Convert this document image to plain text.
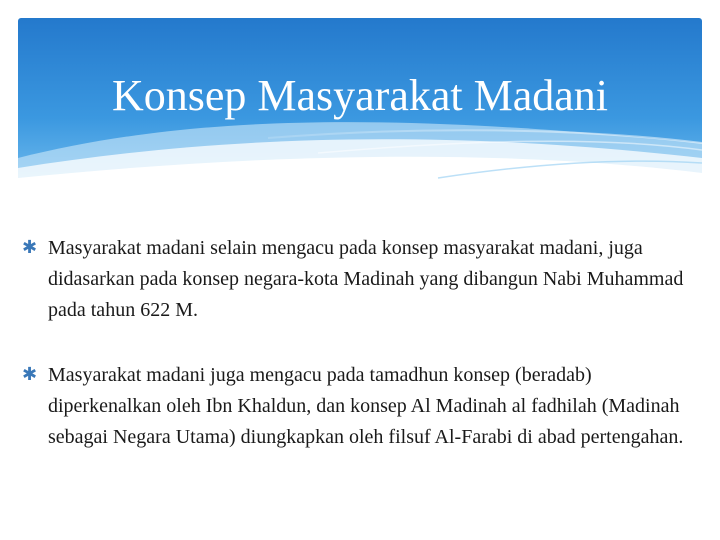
Konsep Masyarakat Madani

✱ Masyarakat madani selain mengacu pada konsep masyarakat madani, juga didasarkan pada konsep negara-kota Madinah yang dibangun Nabi Muhammad pada tahun 622 M.

✱ Masyarakat madani juga mengacu pada tamadhun konsep (beradab) diperkenalkan oleh Ibn Khaldun, dan konsep Al Madinah al fadhilah (Madinah sebagai Negara Utama) diungkapkan oleh filsuf Al-Farabi di abad pertengahan.
